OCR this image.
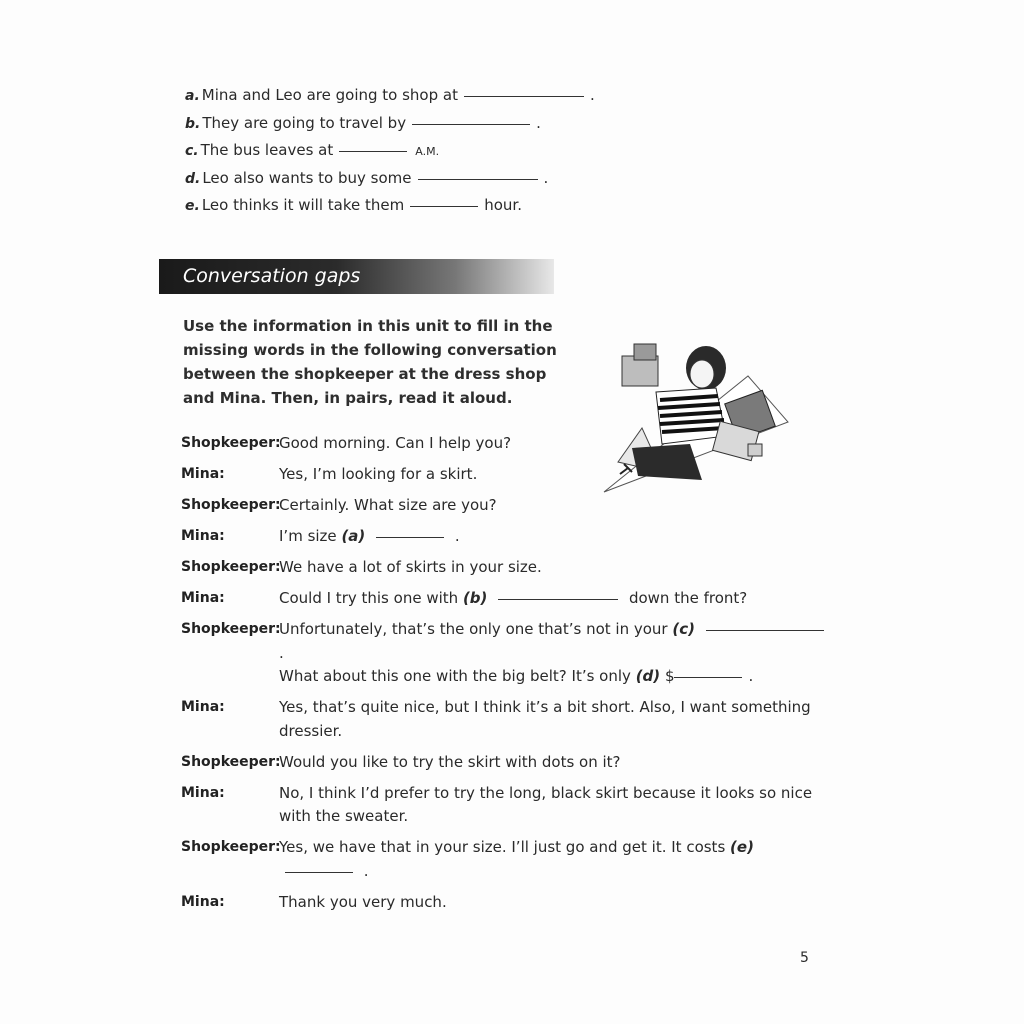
a. Mina and Leo are going to shop at	.
b. They are going to travel by	.
c. The bus leaves at	A.M.
d. Leo also wants to buy some	.
e. Leo thinks it will take them	hour.
Conversation gaps
Use the information in this unit to fill in the missing words in the following conversation between the shopkeeper at the dress shop and Mina. Then, in pairs, read it aloud.
Shopkeeper:
Good morning. Can I help you?
Mina:	Yes, I’m looking for a skirt.
Shopkeeper:
Certainly. What size are you?
Mina:	I’m size (a)	.
Shopkeeper:
We have a lot of skirts in your size.
Mina:	Could I try this one with (b)	down the front?
Shopkeeper:
Unfortunately, that’s the only one that’s not in your (c)  .
What about this one with the big belt? It’s only (d) $	.
Mina:	Yes, that’s quite nice, but I think it’s a bit short. Also, I want something dressier.
Shopkeeper:
Would you like to try the skirt with dots on it?
Mina:	No, I think I’d prefer to try the long, black skirt because it looks so nice with the sweater.
Shopkeeper:
Yes, we have that in your size. I’ll just go and get it. It costs (e)  .
Mina:	Thank you very much.
5
